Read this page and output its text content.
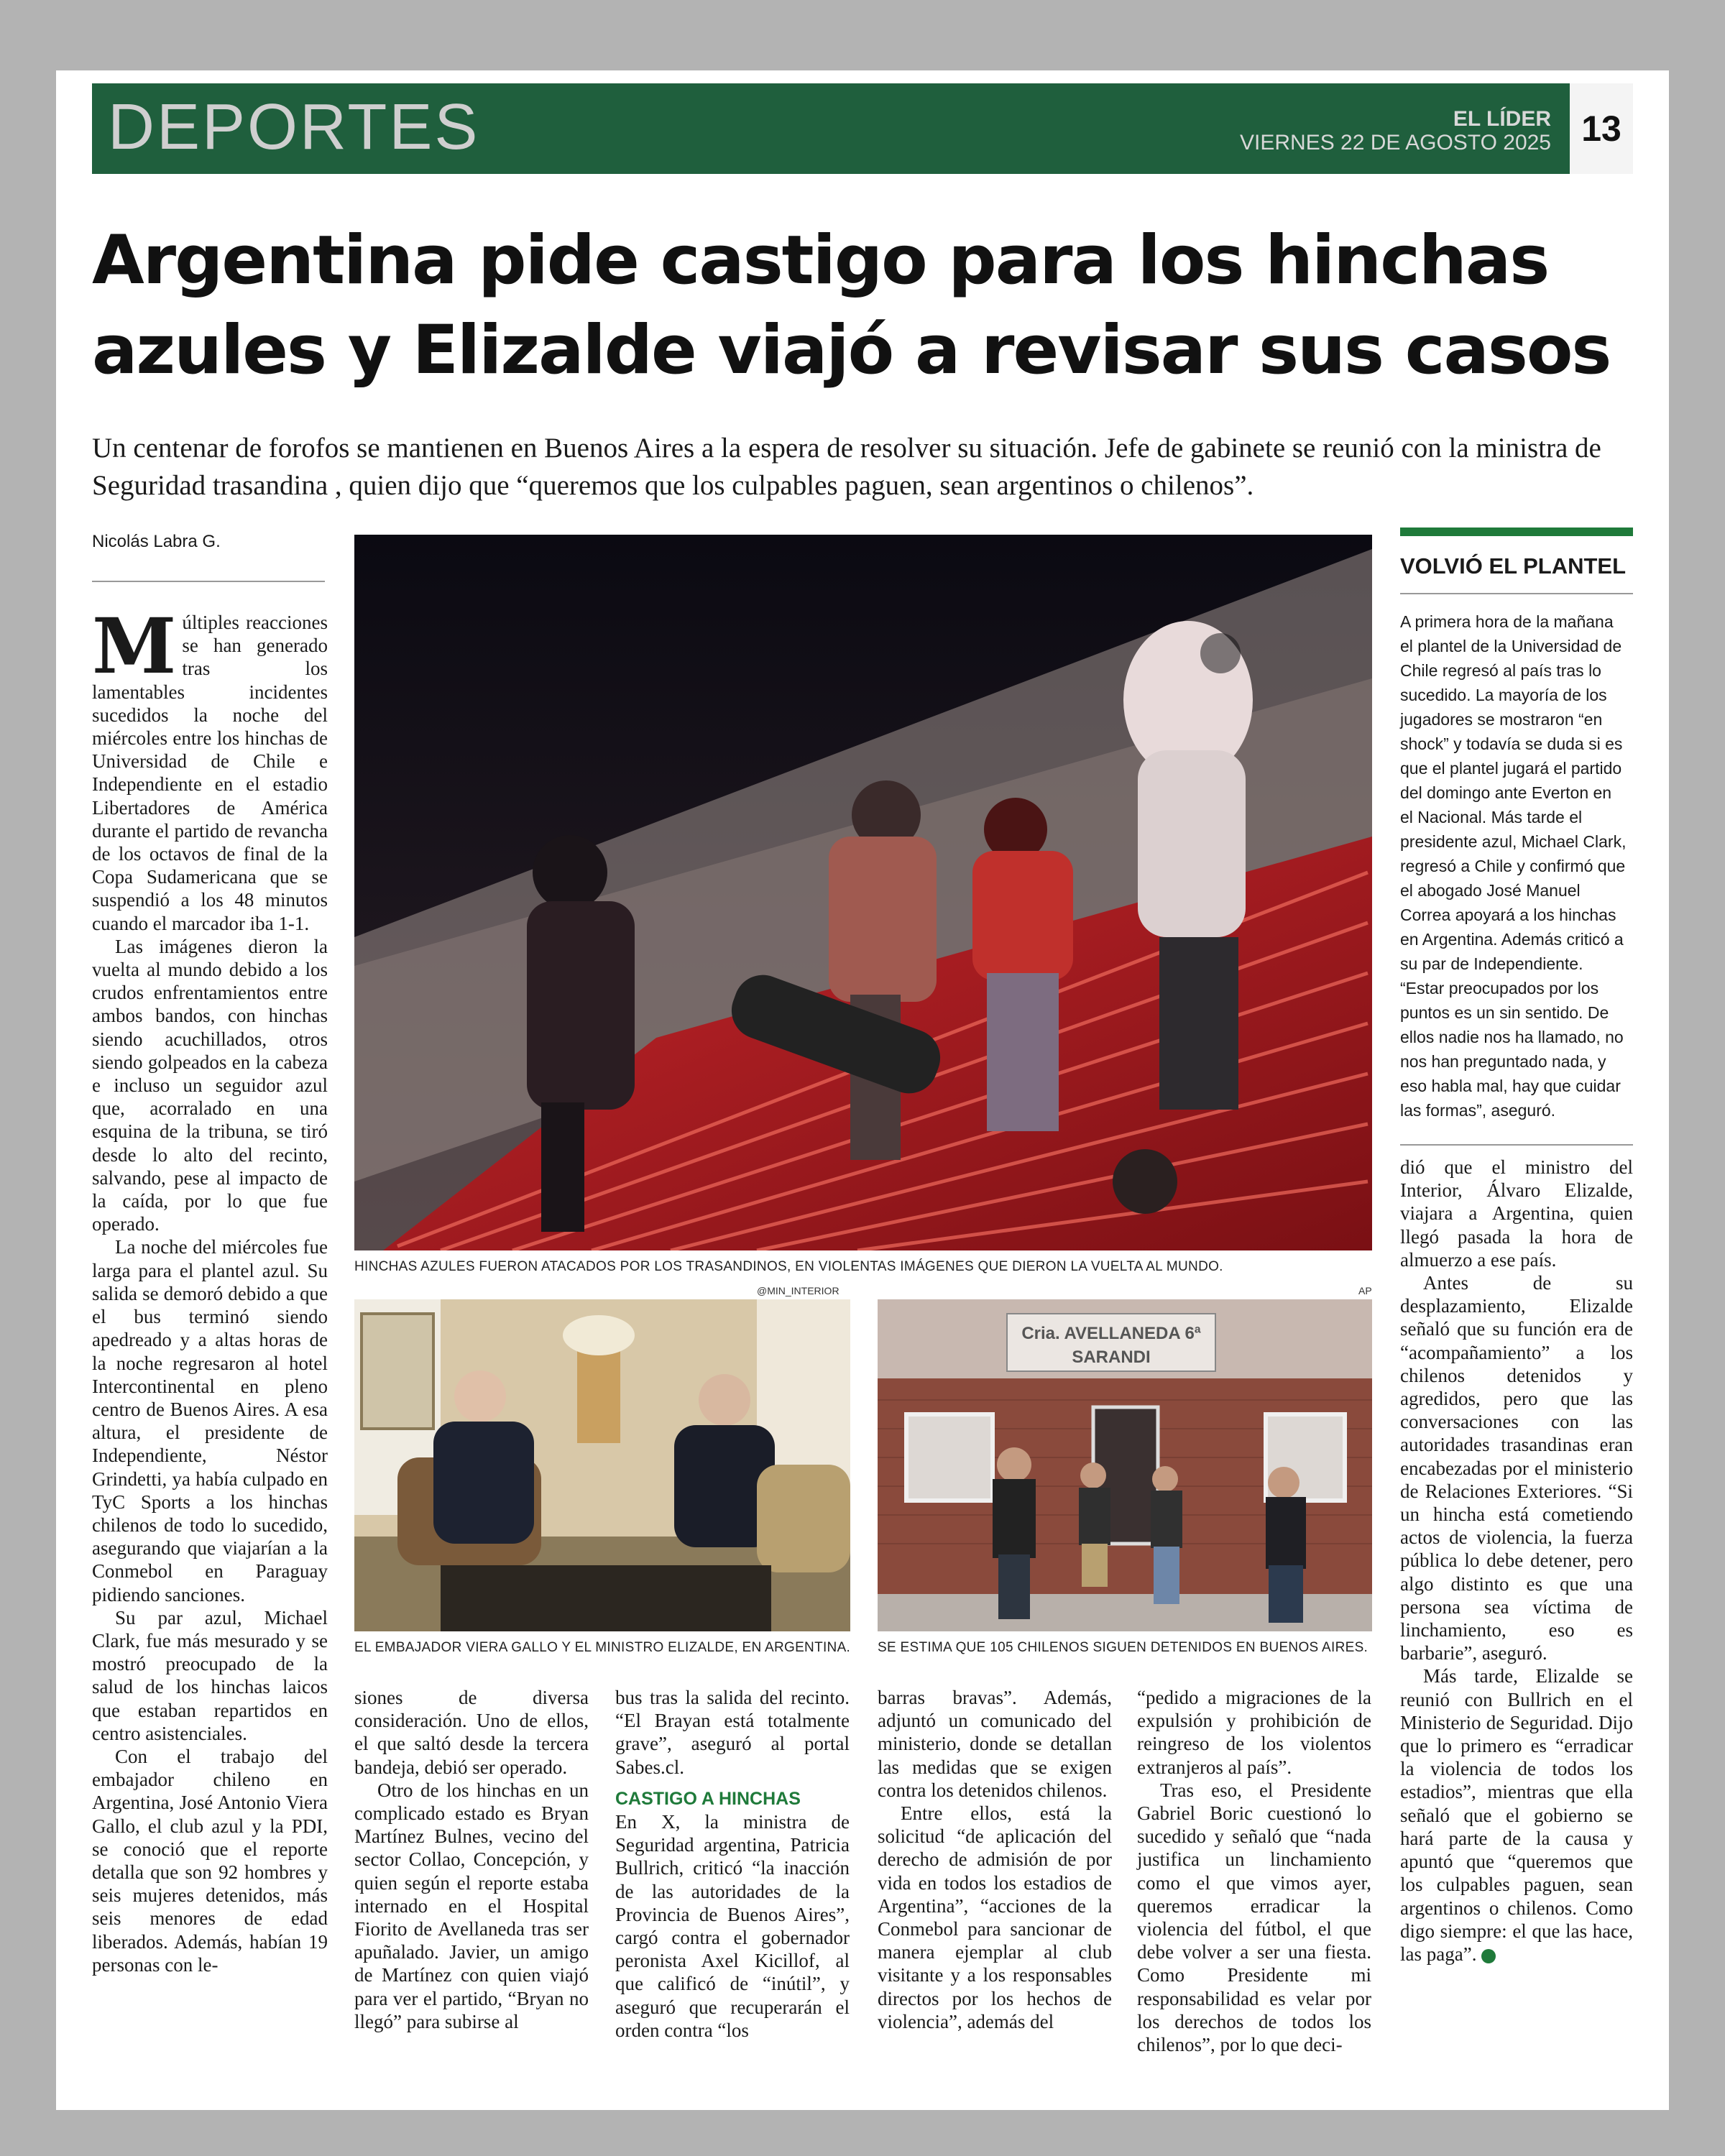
DEPORTES	EL LÍDER
VIERNES 22 DE AGOSTO 2025 13
Argentina pide castigo para los hinchas
azules y Elizalde viajó a revisar sus casos
Un centenar de forofos se mantienen en Buenos Aires a la espera de resolver su situación. Jefe de gabinete se reunió con la ministra de Seguridad trasandina , quien dijo que “queremos que los culpables paguen, sean argentinos o chilenos”.
Nicolás Labra G.

Múltiples reacciones se han generado tras los lamentables incidentes sucedidos la noche del miércoles entre los hinchas de Universidad de Chile e Independiente en el estadio Libertadores de América durante el partido de revancha de los octavos de final de la Copa Sudamericana que se suspendió a los 48 minutos cuando el marcador iba 1-1.

Las imágenes dieron la vuelta al mundo debido a los crudos enfrentamientos entre ambos bandos, con hinchas siendo acuchillados, otros siendo golpeados en la cabeza e incluso un seguidor azul que, acorralado en una esquina de la tribuna, se tiró desde lo alto del recinto, salvando, pese al impacto de la caída, por lo que fue operado.

La noche del miércoles fue larga para el plantel azul. Su salida se demoró debido a que el bus terminó siendo apedreado y a altas horas de la noche regresaron al hotel Intercontinental en pleno centro de Buenos Aires. A esa altura, el presidente de Independiente, Néstor Grindetti, ya había culpado en TyC Sports a los hinchas chilenos de todo lo sucedido, asegurando que viajarían a la Conmebol en Paraguay pidiendo sanciones.

Su par azul, Michael Clark, fue más mesurado y se mostró preocupado de la salud de los hinchas laicos que estaban repartidos en centro asistenciales.

Con el trabajo del embajador chileno en Argentina, José Antonio Viera Gallo, el club azul y la PDI, se conoció que el reporte detalla que son 92 hombres y seis mujeres detenidos, más seis menores de edad liberados. Además, habían 19 personas con le-

HINCHAS AZULES FUERON ATACADOS POR LOS TRASANDINOS, EN VIOLENTAS IMÁGENES QUE DIERON LA VUELTA AL MUNDO.
VOLVIÓ EL PLANTEL
A primera hora de la mañana el plantel de la Universidad de Chile regresó al país tras lo sucedido. La mayoría de los jugadores se mostraron “en shock” y todavía se duda si es que el plantel jugará el partido del domingo ante Everton en el Nacional. Más tarde el presidente azul, Michael Clark, regresó a Chile y confirmó que el abogado José Manuel Correa apoyará a los hinchas en Argentina. Además criticó a su par de Independiente. “Estar preocupados por los puntos es un sin sentido. De ellos nadie nos ha llamado, no nos han preguntado nada, y eso habla mal, hay que cuidar las formas”, aseguró.
@MIN_INTERIOR
EL EMBAJADOR VIERA GALLO Y EL MINISTRO ELIZALDE, EN ARGENTINA.
AP
Cria. AVELLANEDA 6ª
SARANDI
SE ESTIMA QUE 105 CHILENOS SIGUEN DETENIDOS EN BUENOS AIRES.

siones de diversa consideración. Uno de ellos, el que saltó desde la tercera bandeja, debió ser operado.

Otro de los hinchas en un complicado estado es Bryan Martínez Bulnes, vecino del sector Collao, Concepción, y quien según el reporte estaba internado en el Hospital Fiorito de Avellaneda tras ser apuñalado. Javier, un amigo de Martínez con quien viajó para ver el partido, “Bryan no llegó” para subirse al

bus tras la salida del recinto. “El Brayan está totalmente grave”, aseguró al portal Sabes.cl.

CASTIGO A HINCHAS

En X, la ministra de Seguridad argentina, Patricia Bullrich, criticó “la inacción de las autoridades de la Provincia de Buenos Aires”, cargó contra el gobernador peronista Axel Kicillof, al que calificó de “inútil”, y aseguró que recuperarán el orden contra “los

barras bravas”. Además, adjuntó un comunicado del ministerio, donde se detallan las medidas que se exigen contra los detenidos chilenos.

Entre ellos, está la solicitud “de aplicación del derecho de admisión de por vida en todos los estadios de Argentina”, “acciones de la Conmebol para sancionar de manera ejemplar al club visitante y a los responsables directos por los hechos de violencia”, además del

“pedido a migraciones de la expulsión y prohibición de reingreso de los violentos extranjeros al país”.

Tras eso, el Presidente Gabriel Boric cuestionó lo sucedido y señaló que “nada justifica un linchamiento como el que vimos ayer, queremos erradicar la violencia del fútbol, el que debe volver a ser una fiesta. Como Presidente mi responsabilidad es velar por los derechos de todos los chilenos”, por lo que deci-

dió que el ministro del Interior, Álvaro Elizalde, viajara a Argentina, quien llegó pasada la hora de almuerzo a ese país.

Antes de su desplazamiento, Elizalde señaló que su función era de “acompañamiento” a los chilenos detenidos y agredidos, pero que las conversaciones con las autoridades trasandinas eran encabezadas por el ministerio de Relaciones Exteriores. “Si un hincha está cometiendo actos de violencia, la fuerza pública lo debe detener, pero algo distinto es que una persona sea víctima de linchamiento, eso es barbarie”, aseguró.

Más tarde, Elizalde se reunió con Bullrich en el Ministerio de Seguridad. Dijo que lo primero es “erradicar la violencia de todos los estadios”, mientras que ella señaló que el gobierno se hará parte de la causa y apuntó que “queremos que los culpables paguen, sean argentinos o chilenos. Como digo siempre: el que las hace, las paga”.	✪
